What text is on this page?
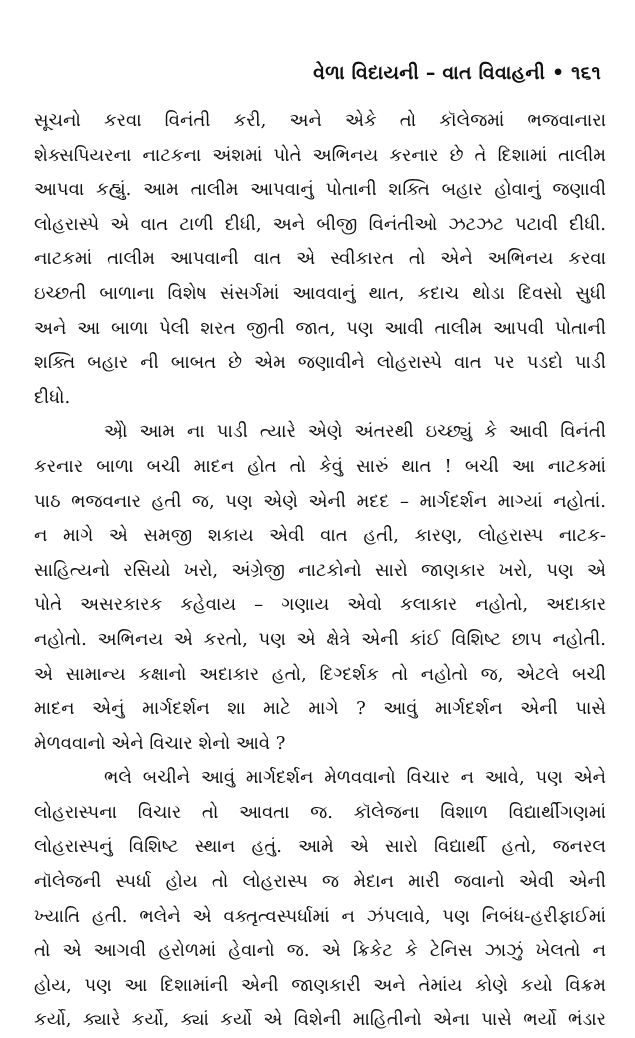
વેળા વિદાયની – વાત વિવાહની • ૧૬૧
સૂચનો કરવા વિનંતી કરી, અને એકે તો કૉલેજમાં ભજવાનારા
શેક્સપિયરના નાટકના અંશમાં પોતે અભિનય કરનાર છે તે દિશામાં તાલીમ
આપવા કહ્યું. આમ તાલીમ આપવાનું પોતાની શક્તિ બહાર હોવાનું જણાવી
લોહરાસ્પે એ વાત ટાળી દીધી, અને બીજી વિનંતીઓ ઝટઝટ પટાવી દીધી.
નાટકમાં તાલીમ આપવાની વાત એ સ્વીકારત તો એને અભિનય કરવા
ઇચ્છતી બાળાના વિશેષ સંસર્ગમાં આવવાનું થાત, કદાચ થોડા દિવસો સુધી
અને આ બાળા પેલી શરત જીતી જાત, પણ આવી તાલીમ આપવી પોતાની
શક્તિ બહાર ની બાબત છે એમ જણાવીને લોહરાસ્પે વાત પર પડદો પાડી
દીધો.
એ઼ો આમ ના પાડી ત્યારે એણે અંતરથી ઇચ્છ્યું કે આવી વિનંતી
કરનાર બાળા બચી માદન હોત તો કેવું સારું થાત ! બચી આ નાટકમાં
પાઠ ભજવનાર હતી જ, પણ એણે એની મદદ – માર્ગદર્શન માગ્યાં નહોતાં.
ન માગે એ સમજી શકાય એવી વાત હતી, કારણ, લોહરાસ્પ નાટક-
સાહિત્યનો રસિયો ખરો, અંગ્રેજી નાટકોનો સારો જાણકાર ખરો, પણ એ
પોતે અસરકારક કહેવાય – ગણાય એવો કલાકાર નહોતો, અદાકાર
નહોતો. અભિનય એ કરતો, પણ એ ક્ષેત્રે એની કાંઈ વિશિષ્ટ છાપ નહોતી.
એ સામાન્ય કક્ષાનો અદાકાર હતો, દિગ્દર્શક તો નહોતો જ, એટલે બચી
માદન એનું માર્ગદર્શન શા માટે માગે ? આવું માર્ગદર્શન એની પાસે
મેળવવાનો એને વિચાર શેનો આવે ?
ભલે બચીને આવું માર્ગદર્શન મેળવવાનો વિચાર ન આવે, પણ એને
લોહરાસ્પના વિચાર તો આવતા જ. કૉલેજના વિશાળ વિદ્યાર્થીગણમાં
લોહરાસ્પનું વિશિષ્ટ સ્થાન હતું. આમે એ સારો વિદ્યાર્થી હતો, જનરલ
નૉલેજની સ્પર્ધા હોય તો લોહરાસ્પ જ મેદાન મારી જવાનો એવી એની
ખ્યાતિ હતી. ભલેને એ વક્તૃત્વસ્પર્ધામાં ન ઝંપલાવે, પણ નિબંધ-હરીફાઈમાં
તો એ આગવી હરોળમાં હેવાનો જ. એ ક્રિકેટ કે ટેનિસ ઝાઝું ખેલતો ન
હોય, પણ આ દિશામાંની એની જાણકારી અને તેમાંય કોણે કયો વિક્રમ
કર્યો, ક્યારે કર્યો, ક્યાં કર્યો એ વિશેની માહિતીનો એના પાસે ભર્યો ભંડાર
